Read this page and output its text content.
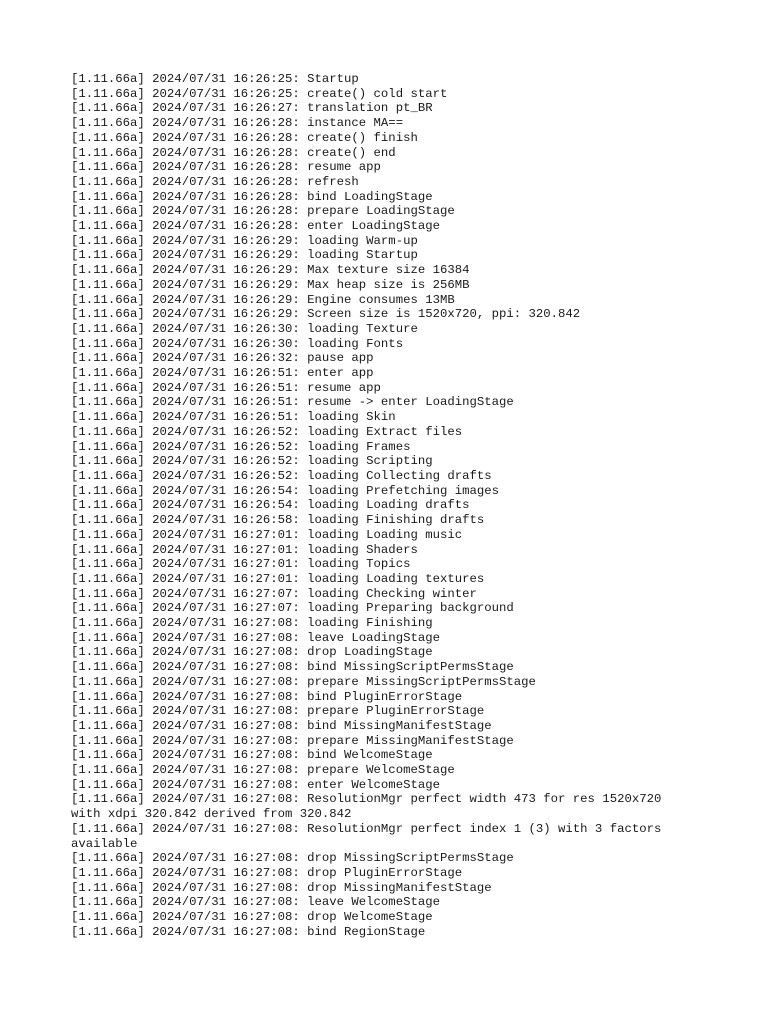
[1.11.66a] 2024/07/31 16:26:25: Startup
[1.11.66a] 2024/07/31 16:26:25: create() cold start
[1.11.66a] 2024/07/31 16:26:27: translation pt_BR
[1.11.66a] 2024/07/31 16:26:28: instance MA==
[1.11.66a] 2024/07/31 16:26:28: create() finish
[1.11.66a] 2024/07/31 16:26:28: create() end
[1.11.66a] 2024/07/31 16:26:28: resume app
[1.11.66a] 2024/07/31 16:26:28: refresh
[1.11.66a] 2024/07/31 16:26:28: bind LoadingStage
[1.11.66a] 2024/07/31 16:26:28: prepare LoadingStage
[1.11.66a] 2024/07/31 16:26:28: enter LoadingStage
[1.11.66a] 2024/07/31 16:26:29: loading Warm-up
[1.11.66a] 2024/07/31 16:26:29: loading Startup
[1.11.66a] 2024/07/31 16:26:29: Max texture size 16384
[1.11.66a] 2024/07/31 16:26:29: Max heap size is 256MB
[1.11.66a] 2024/07/31 16:26:29: Engine consumes 13MB
[1.11.66a] 2024/07/31 16:26:29: Screen size is 1520x720, ppi: 320.842
[1.11.66a] 2024/07/31 16:26:30: loading Texture
[1.11.66a] 2024/07/31 16:26:30: loading Fonts
[1.11.66a] 2024/07/31 16:26:32: pause app
[1.11.66a] 2024/07/31 16:26:51: enter app
[1.11.66a] 2024/07/31 16:26:51: resume app
[1.11.66a] 2024/07/31 16:26:51: resume -> enter LoadingStage
[1.11.66a] 2024/07/31 16:26:51: loading Skin
[1.11.66a] 2024/07/31 16:26:52: loading Extract files
[1.11.66a] 2024/07/31 16:26:52: loading Frames
[1.11.66a] 2024/07/31 16:26:52: loading Scripting
[1.11.66a] 2024/07/31 16:26:52: loading Collecting drafts
[1.11.66a] 2024/07/31 16:26:54: loading Prefetching images
[1.11.66a] 2024/07/31 16:26:54: loading Loading drafts
[1.11.66a] 2024/07/31 16:26:58: loading Finishing drafts
[1.11.66a] 2024/07/31 16:27:01: loading Loading music
[1.11.66a] 2024/07/31 16:27:01: loading Shaders
[1.11.66a] 2024/07/31 16:27:01: loading Topics
[1.11.66a] 2024/07/31 16:27:01: loading Loading textures
[1.11.66a] 2024/07/31 16:27:07: loading Checking winter
[1.11.66a] 2024/07/31 16:27:07: loading Preparing background
[1.11.66a] 2024/07/31 16:27:08: loading Finishing
[1.11.66a] 2024/07/31 16:27:08: leave LoadingStage
[1.11.66a] 2024/07/31 16:27:08: drop LoadingStage
[1.11.66a] 2024/07/31 16:27:08: bind MissingScriptPermsStage
[1.11.66a] 2024/07/31 16:27:08: prepare MissingScriptPermsStage
[1.11.66a] 2024/07/31 16:27:08: bind PluginErrorStage
[1.11.66a] 2024/07/31 16:27:08: prepare PluginErrorStage
[1.11.66a] 2024/07/31 16:27:08: bind MissingManifestStage
[1.11.66a] 2024/07/31 16:27:08: prepare MissingManifestStage
[1.11.66a] 2024/07/31 16:27:08: bind WelcomeStage
[1.11.66a] 2024/07/31 16:27:08: prepare WelcomeStage
[1.11.66a] 2024/07/31 16:27:08: enter WelcomeStage
[1.11.66a] 2024/07/31 16:27:08: ResolutionMgr perfect width 473 for res 1520x720 with xdpi 320.842 derived from 320.842
[1.11.66a] 2024/07/31 16:27:08: ResolutionMgr perfect index 1 (3) with 3 factors available
[1.11.66a] 2024/07/31 16:27:08: drop MissingScriptPermsStage
[1.11.66a] 2024/07/31 16:27:08: drop PluginErrorStage
[1.11.66a] 2024/07/31 16:27:08: drop MissingManifestStage
[1.11.66a] 2024/07/31 16:27:08: leave WelcomeStage
[1.11.66a] 2024/07/31 16:27:08: drop WelcomeStage
[1.11.66a] 2024/07/31 16:27:08: bind RegionStage
